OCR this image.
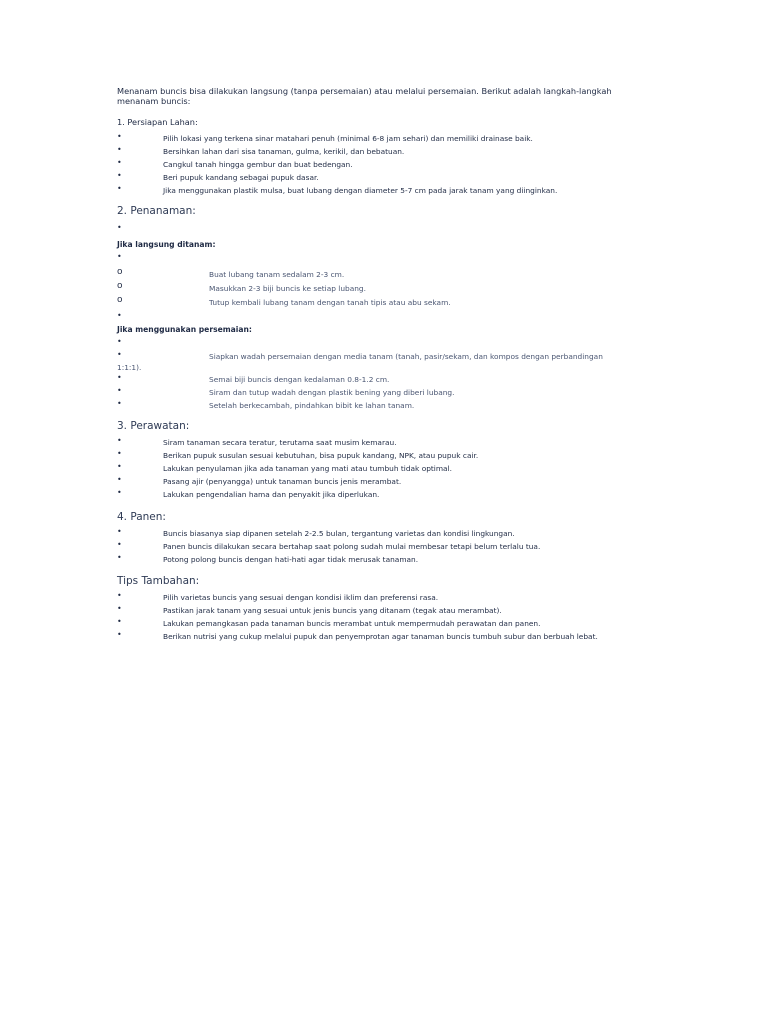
Menanam buncis bisa dilakukan langsung (tanpa persemaian) atau melalui persemaian. Berikut adalah langkah-langkah menanam buncis:
1. Persiapan Lahan:
•	Pilih lokasi yang terkena sinar matahari penuh (minimal 6-8 jam sehari) dan memiliki drainase baik.
•	Bersihkan lahan dari sisa tanaman, gulma, kerikil, dan bebatuan.
•	Cangkul tanah hingga gembur dan buat bedengan.
•	Beri pupuk kandang sebagai pupuk dasar.
•	Jika menggunakan plastik mulsa, buat lubang dengan diameter 5-7 cm pada jarak tanam yang diinginkan.
2. Penanaman:
•
Jika langsung ditanam:
•
o	Buat lubang tanam sedalam 2-3 cm.
o	Masukkan 2-3 biji buncis ke setiap lubang.
o	Tutup kembali lubang tanam dengan tanah tipis atau abu sekam.
•
Jika menggunakan persemaian:
•
•	Siapkan wadah persemaian dengan media tanam (tanah, pasir/sekam, dan kompos dengan perbandingan
1:1:1).
•	Semai biji buncis dengan kedalaman 0.8-1.2 cm.
•	Siram dan tutup wadah dengan plastik bening yang diberi lubang.
•	Setelah berkecambah, pindahkan bibit ke lahan tanam.
3. Perawatan:
•	Siram tanaman secara teratur, terutama saat musim kemarau.
•	Berikan pupuk susulan sesuai kebutuhan, bisa pupuk kandang, NPK, atau pupuk cair.
•	Lakukan penyulaman jika ada tanaman yang mati atau tumbuh tidak optimal.
•	Pasang ajir (penyangga) untuk tanaman buncis jenis merambat.
•	Lakukan pengendalian hama dan penyakit jika diperlukan.
4. Panen:
•	Buncis biasanya siap dipanen setelah 2-2.5 bulan, tergantung varietas dan kondisi lingkungan.
•	Panen buncis dilakukan secara bertahap saat polong sudah mulai membesar tetapi belum terlalu tua.
•	Potong polong buncis dengan hati-hati agar tidak merusak tanaman.
Tips Tambahan:
•	Pilih varietas buncis yang sesuai dengan kondisi iklim dan preferensi rasa.
•	Pastikan jarak tanam yang sesuai untuk jenis buncis yang ditanam (tegak atau merambat).
•	Lakukan pemangkasan pada tanaman buncis merambat untuk mempermudah perawatan dan panen.
•	Berikan nutrisi yang cukup melalui pupuk dan penyemprotan agar tanaman buncis tumbuh subur dan berbuah lebat.
